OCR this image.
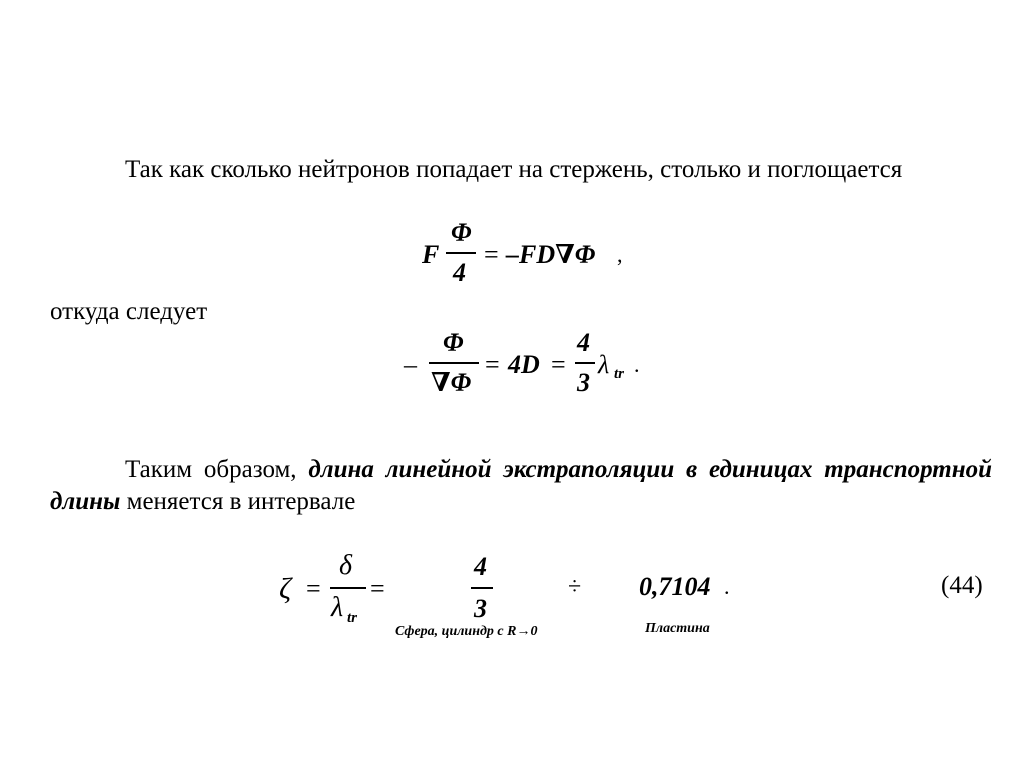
Так как сколько нейтронов попадает на стержень, столько и поглощается
F
Φ
4
= –FD∇Φ ,
откуда следует
–
Φ
∇Φ
= 4D =
4
3
λ tr .
Таким образом, длина линейной экстраполяции в единицах транспортной длины меняется в интервале
ζ =
δ
λ tr
=
4
3
÷ 0,7104 .	(44)
Сфера, цилиндр с R→0	Пластина
